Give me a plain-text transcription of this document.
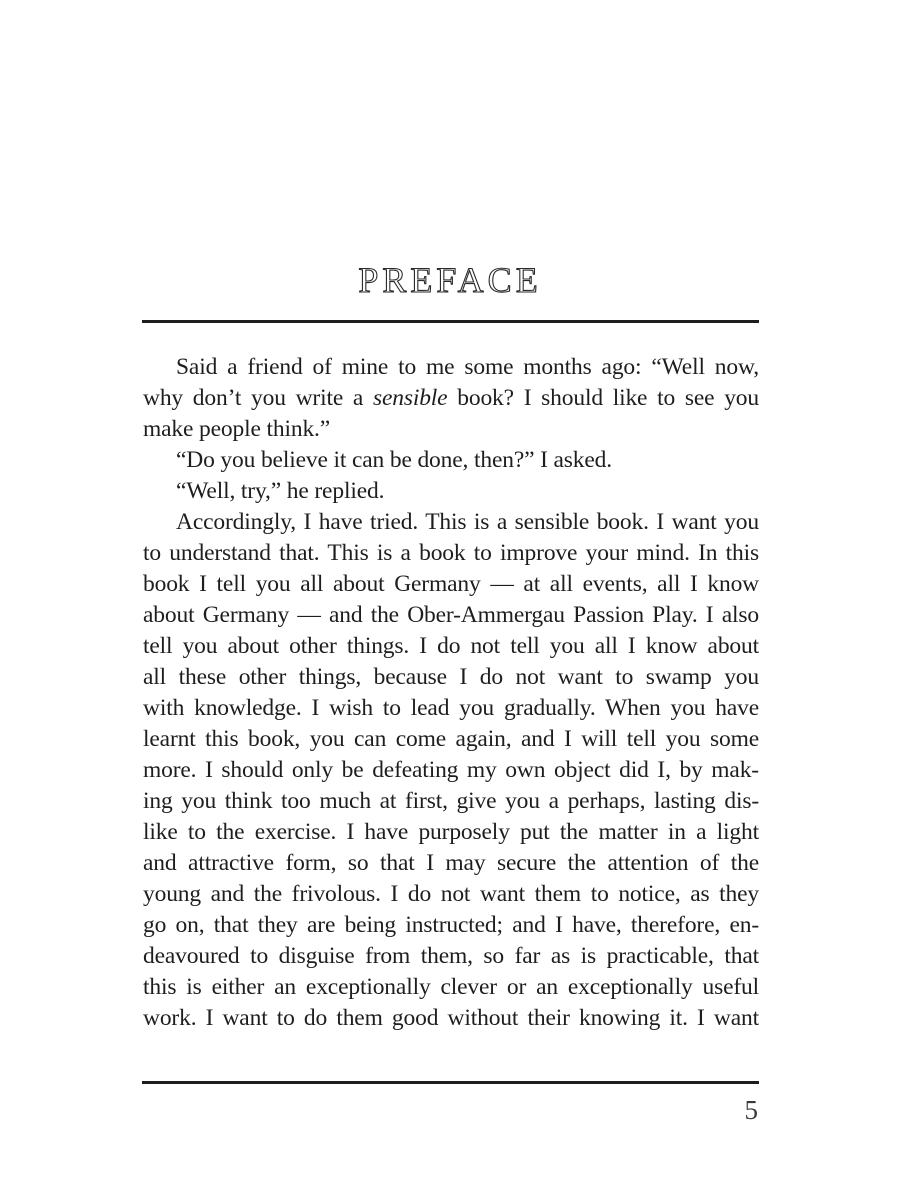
PREFACE
Said a friend of mine to me some months ago: “Well now,
why don’t you write a sensible book? I should like to see you
make people think.”
“Do you believe it can be done, then?” I asked.
“Well, try,” he replied.
Accordingly, I have tried. This is a sensible book. I want you
to understand that. This is a book to improve your mind. In this
book I tell you all about Germany — at all events, all I know
about Germany — and the Ober-Ammergau Passion Play. I also
tell you about other things. I do not tell you all I know about
all these other things, because I do not want to swamp you
with knowledge. I wish to lead you gradually. When you have
learnt this book, you can come again, and I will tell you some
more. I should only be defeating my own object did I, by mak-
ing you think too much at first, give you a perhaps, lasting dis-
like to the exercise. I have purposely put the matter in a light
and attractive form, so that I may secure the attention of the
young and the frivolous. I do not want them to notice, as they
go on, that they are being instructed; and I have, therefore, en-
deavoured to disguise from them, so far as is practicable, that
this is either an exceptionally clever or an exceptionally useful
work. I want to do them good without their knowing it. I want
5
